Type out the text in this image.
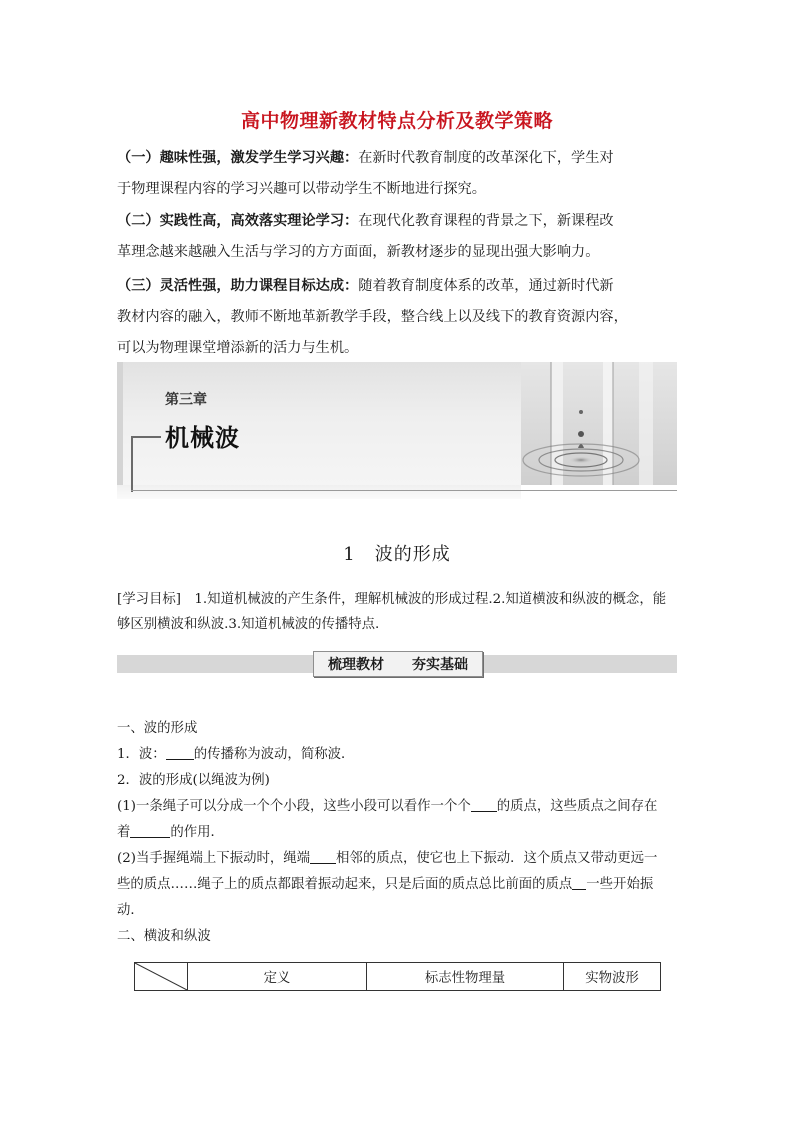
高中物理新教材特点分析及教学策略
（一）趣味性强，激发学生学习兴趣：在新时代教育制度的改革深化下，学生对
于物理课程内容的学习兴趣可以带动学生不断地进行探究。
（二）实践性高，高效落实理论学习：在现代化教育课程的背景之下，新课程改
革理念越来越融入生活与学习的方方面面，新教材逐步的显现出强大影响力。
（三）灵活性强，助力课程目标达成：随着教育制度体系的改革，通过新时代新
教材内容的融入，教师不断地革新教学手段，整合线上以及线下的教育资源内容，
可以为物理课堂增添新的活力与生机。
第三章
机械波
1　波的形成
[学习目标]　1.知道机械波的产生条件，理解机械波的形成过程.2.知道横波和纵波的概念，能
够区别横波和纵波.3.知道机械波的传播特点.
梳理教材 夯实基础
一、波的形成
1．波： 的传播称为波动，简称波．
2．波的形成(以绳波为例)
(1)一条绳子可以分成一个个小段，这些小段可以看作一个个 的质点，这些质点之间存在
着	的作用．
(2)当手握绳端上下振动时，绳端 相邻的质点，使它也上下振动．这个质点又带动更远一
些的质点……绳子上的质点都跟着振动起来，只是后面的质点总比前面的质点 一些开始振
动．
二、横波和纵波
	定义	标志性物理量	实物波形
